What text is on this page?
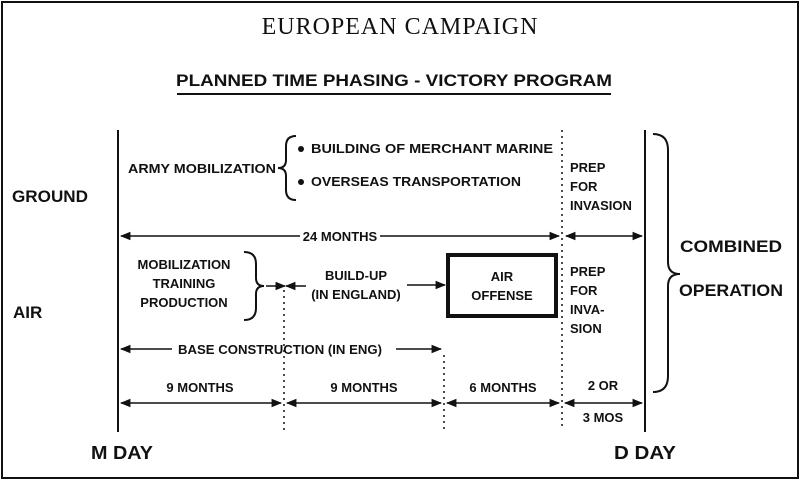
EUROPEAN CAMPAIGN
PLANNED TIME PHASING - VICTORY PROGRAM
GROUND
AIR
ARMY MOBILIZATION
BUILDING OF MERCHANT MARINE
OVERSEAS TRANSPORTATION
PREP
FOR
INVASION
24 MONTHS
MOBILIZATION
TRAINING
PRODUCTION
BUILD-UP
(IN ENGLAND)
AIR
OFFENSE
PREP
FOR
INVA-
SION
BASE CONSTRUCTION (IN ENG)
9 MONTHS	9 MONTHS	6 MONTHS	2 OR
3 MOS
COMBINED
OPERATION
M DAY	D DAY
